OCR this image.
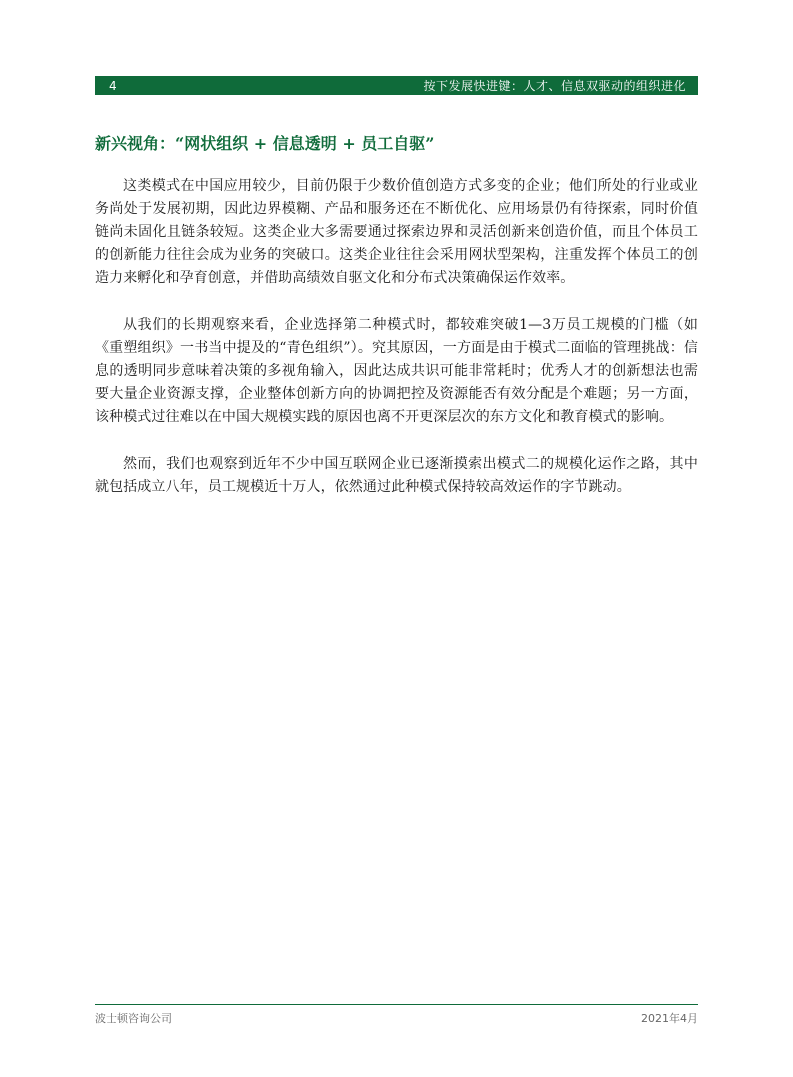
4	按下发展快进键：人才、信息双驱动的组织进化
新兴视角：“网状组织 + 信息透明 + 员工自驱”

这类模式在中国应用较少，目前仍限于少数价值创造方式多变的企业；他们所处的行业或业务尚处于发展初期，因此边界模糊、产品和服务还在不断优化、应用场景仍有待探索，同时价值链尚未固化且链条较短。这类企业大多需要通过探索边界和灵活创新来创造价值，而且个体员工的创新能力往往会成为业务的突破口。这类企业往往会采用网状型架构，注重发挥个体员工的创造力来孵化和孕育创意，并借助高绩效自驱文化和分布式决策确保运作效率。

从我们的长期观察来看，企业选择第二种模式时，都较难突破1—3万员工规模的门槛（如《重塑组织》一书当中提及的“青色组织”）。究其原因，一方面是由于模式二面临的管理挑战：信息的透明同步意味着决策的多视角输入，因此达成共识可能非常耗时；优秀人才的创新想法也需要大量企业资源支撑，企业整体创新方向的协调把控及资源能否有效分配是个难题；另一方面，该种模式过往难以在中国大规模实践的原因也离不开更深层次的东方文化和教育模式的影响。

然而，我们也观察到近年不少中国互联网企业已逐渐摸索出模式二的规模化运作之路，其中就包括成立八年，员工规模近十万人，依然通过此种模式保持较高效运作的字节跳动。

波士顿咨询公司	2021年4月
